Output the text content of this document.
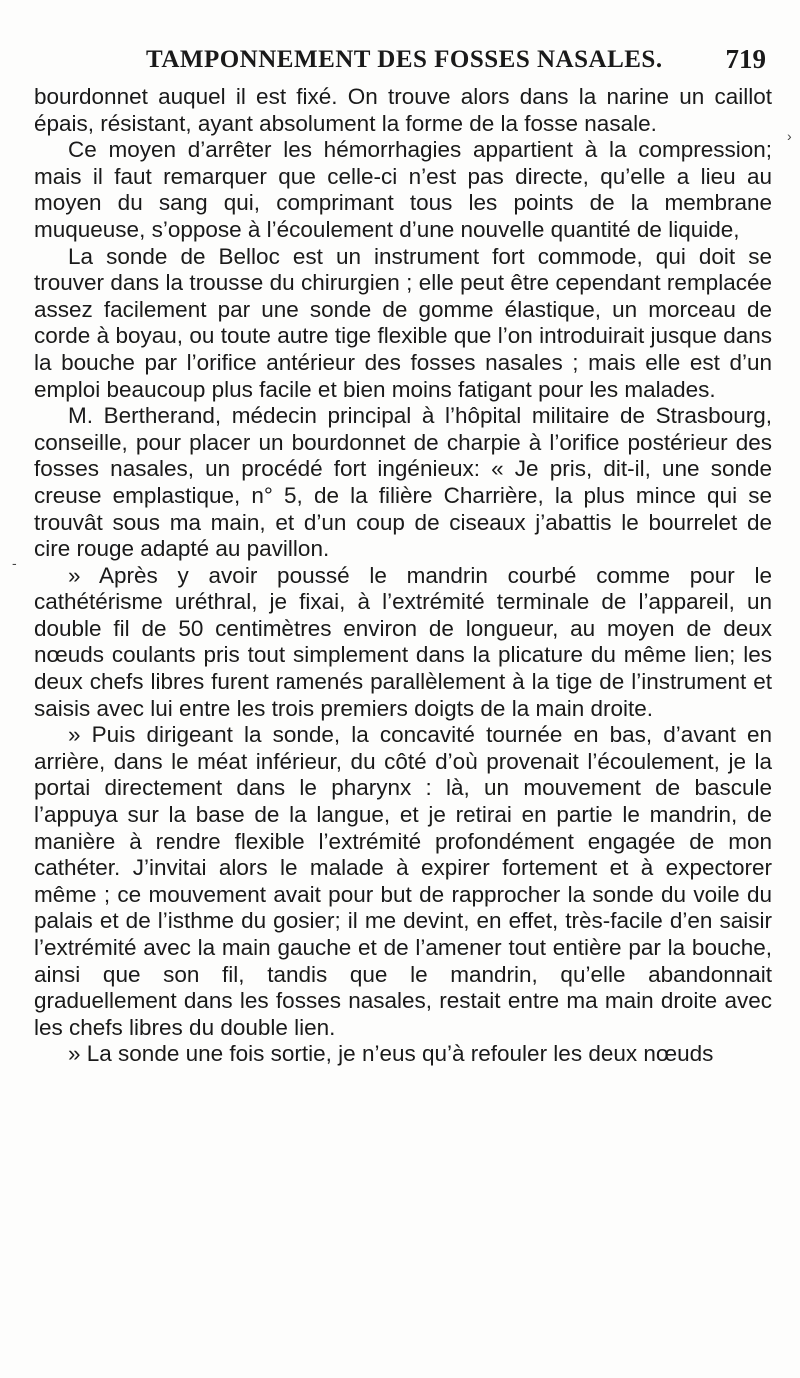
TAMPONNEMENT DES FOSSES NASALES. 719
›
-

bourdonnet auquel il est fixé. On trouve alors dans la narine un caillot épais, résistant, ayant absolument la forme de la fosse nasale.

Ce moyen d’arrêter les hémorrhagies appartient à la compression; mais il faut remarquer que celle-ci n’est pas directe, qu’elle a lieu au moyen du sang qui, comprimant tous les points de la membrane muqueuse, s’oppose à l’écoulement d’une nouvelle quantité de liquide,

La sonde de Belloc est un instrument fort commode, qui doit se trouver dans la trousse du chirurgien ; elle peut être cependant remplacée assez facilement par une sonde de gomme élastique, un morceau de corde à boyau, ou toute autre tige flexible que l’on introduirait jusque dans la bouche par l’orifice antérieur des fosses nasales ; mais elle est d’un emploi beaucoup plus facile et bien moins fatigant pour les malades.

M. Bertherand, médecin principal à l’hôpital militaire de Strasbourg, conseille, pour placer un bourdonnet de charpie à l’orifice postérieur des fosses nasales, un procédé fort ingénieux: « Je pris, dit-il, une sonde creuse emplastique, n° 5, de la filière Charrière, la plus mince qui se trouvât sous ma main, et d’un coup de ciseaux j’abattis le bourrelet de cire rouge adapté au pavillon.

» Après y avoir poussé le mandrin courbé comme pour le cathétérisme uréthral, je fixai, à l’extrémité terminale de l’appareil, un double fil de 50 centimètres environ de longueur, au moyen de deux nœuds coulants pris tout simplement dans la plicature du même lien; les deux chefs libres furent ramenés parallèlement à la tige de l’instrument et saisis avec lui entre les trois premiers doigts de la main droite.

» Puis dirigeant la sonde, la concavité tournée en bas, d’avant en arrière, dans le méat inférieur, du côté d’où provenait l’écoulement, je la portai directement dans le pharynx : là, un mouvement de bascule l’appuya sur la base de la langue, et je retirai en partie le mandrin, de manière à rendre flexible l’extrémité profondément engagée de mon cathéter. J’invitai alors le malade à expirer fortement et à expectorer même ; ce mouvement avait pour but de rapprocher la sonde du voile du palais et de l’isthme du gosier; il me devint, en effet, très-facile d’en saisir l’extrémité avec la main gauche et de l’amener tout entière par la bouche, ainsi que son fil, tandis que le mandrin, qu’elle abandonnait graduellement dans les fosses nasales, restait entre ma main droite avec les chefs libres du double lien.

» La sonde une fois sortie, je n’eus qu’à refouler les deux nœuds
